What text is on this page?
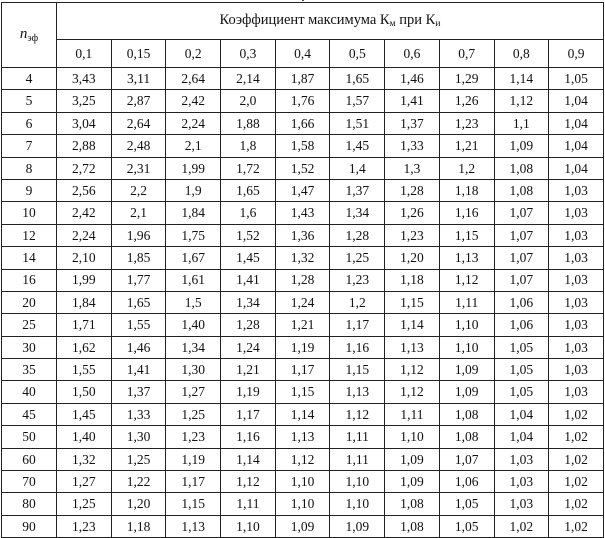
$n_{эф}$	Коэффициент максимума $К_м$ при $К_и$
	0,1	0,15	0,2	0,3	0,4	0,5	0,6	0,7	0,8	0,9
4	3,43	3,11	2,64	2,14	1,87	1,65	1,46	1,29	1,14	1,05
5	3,25	2,87	2,42	2,0	1,76	1,57	1,41	1,26	1,12	1,04
6	3,04	2,64	2,24	1,88	1,66	1,51	1,37	1,23	1,1	1,04
7	2,88	2,48	2,1	1,8	1,58	1,45	1,33	1,21	1,09	1,04
8	2,72	2,31	1,99	1,72	1,52	1,4	1,3	1,2	1,08	1,04
9	2,56	2,2	1,9	1,65	1,47	1,37	1,28	1,18	1,08	1,03
10	2,42	2,1	1,84	1,6	1,43	1,34	1,26	1,16	1,07	1,03
12	2,24	1,96	1,75	1,52	1,36	1,28	1,23	1,15	1,07	1,03
14	2,10	1,85	1,67	1,45	1,32	1,25	1,20	1,13	1,07	1,03
16	1,99	1,77	1,61	1,41	1,28	1,23	1,18	1,12	1,07	1,03
20	1,84	1,65	1,5	1,34	1,24	1,2	1,15	1,11	1,06	1,03
25	1,71	1,55	1,40	1,28	1,21	1,17	1,14	1,10	1,06	1,03
30	1,62	1,46	1,34	1,24	1,19	1,16	1,13	1,10	1,05	1,03
35	1,55	1,41	1,30	1,21	1,17	1,15	1,12	1,09	1,05	1,03
40	1,50	1,37	1,27	1,19	1,15	1,13	1,12	1,09	1,05	1,03
45	1,45	1,33	1,25	1,17	1,14	1,12	1,11	1,08	1,04	1,02
50	1,40	1,30	1,23	1,16	1,13	1,11	1,10	1,08	1,04	1,02
60	1,32	1,25	1,19	1,14	1,12	1,11	1,09	1,07	1,03	1,02
70	1,27	1,22	1,17	1,12	1,10	1,10	1,09	1,06	1,03	1,02
80	1,25	1,20	1,15	1,11	1,10	1,10	1,08	1,05	1,03	1,02
90	1,23	1,18	1,13	1,10	1,09	1,09	1,08	1,05	1,02	1,02
